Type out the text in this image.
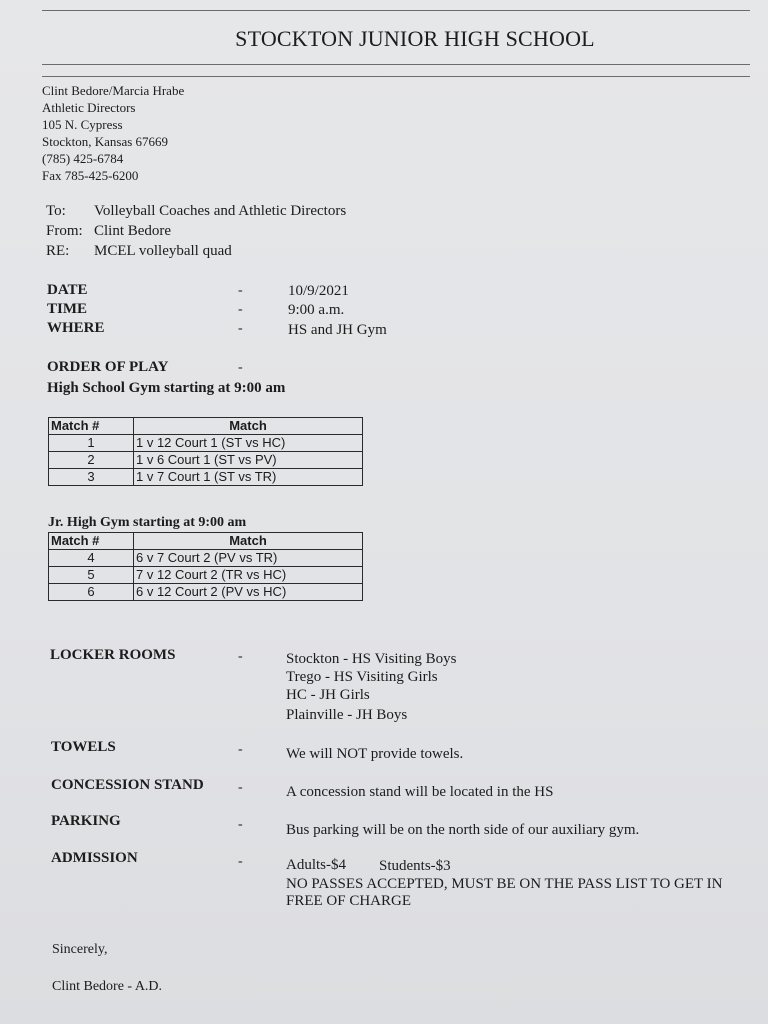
STOCKTON JUNIOR HIGH SCHOOL
Clint Bedore/Marcia Hrabe
Athletic Directors
105 N. Cypress
Stockton, Kansas 67669
(785) 425-6784
Fax 785-425-6200
To: Volleyball Coaches and Athletic Directors
From: Clint Bedore
RE: MCEL volleyball quad
DATE	-	10/9/2021
TIME	-	9:00 a.m.
WHERE	-	HS and JH Gym
ORDER OF PLAY	-
High School Gym starting at 9:00 am
Match #	Match
1	1 v 12 Court 1 (ST vs HC)
2	1 v 6 Court 1 (ST vs PV)
3	1 v 7 Court 1 (ST vs TR)
Jr. High Gym starting at 9:00 am
Match #	Match
4	6 v 7 Court 2 (PV vs TR)
5	7 v 12 Court 2 (TR vs HC)
6	6 v 12 Court 2 (PV vs HC)
LOCKER ROOMS	-	Stockton - HS Visiting Boys
Trego - HS Visiting Girls
HC - JH Girls
Plainville - JH Boys
TOWELS	-	We will NOT provide towels.
CONCESSION STAND -	A concession stand will be located in the HS
PARKING	-	Bus parking will be on the north side of our auxiliary gym.
ADMISSION	-	Adults-$4 Students-$3
NO PASSES ACCEPTED, MUST BE ON THE PASS LIST TO GET IN
FREE OF CHARGE
Sincerely,
Clint Bedore - A.D.
